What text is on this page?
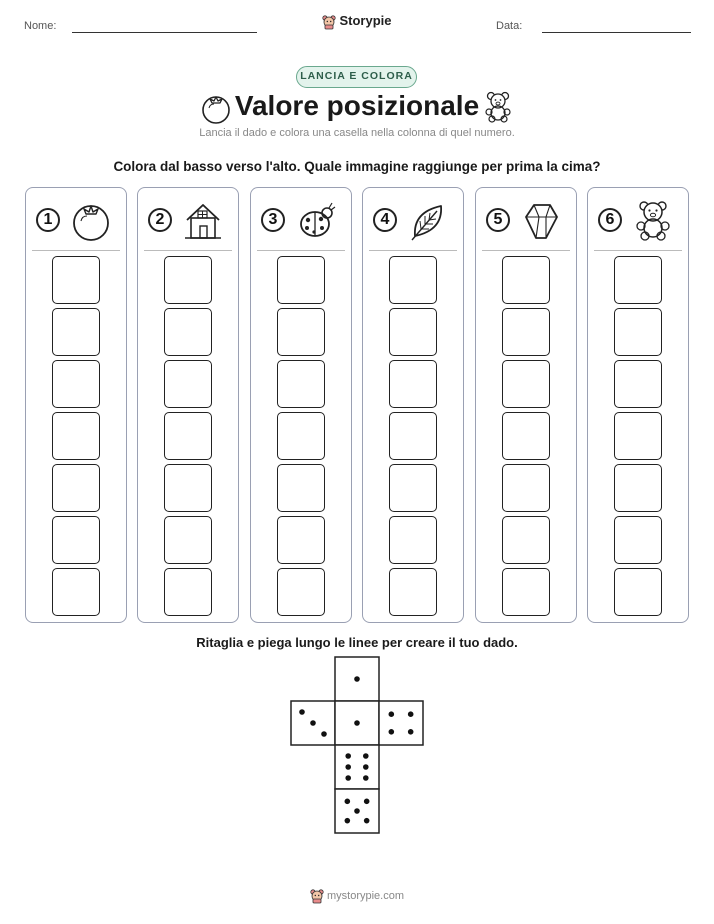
Nome:	Storypie	Data:
LANCIA E COLORA
Valore posizionale
Lancia il dado e colora una casella nella colonna di quel numero.
Colora dal basso verso l'alto. Quale immagine raggiunge per prima la cima?
1	2	3	4	5	6
Ritaglia e piega lungo le linee per creare il tuo dado.
mystorypie.com
